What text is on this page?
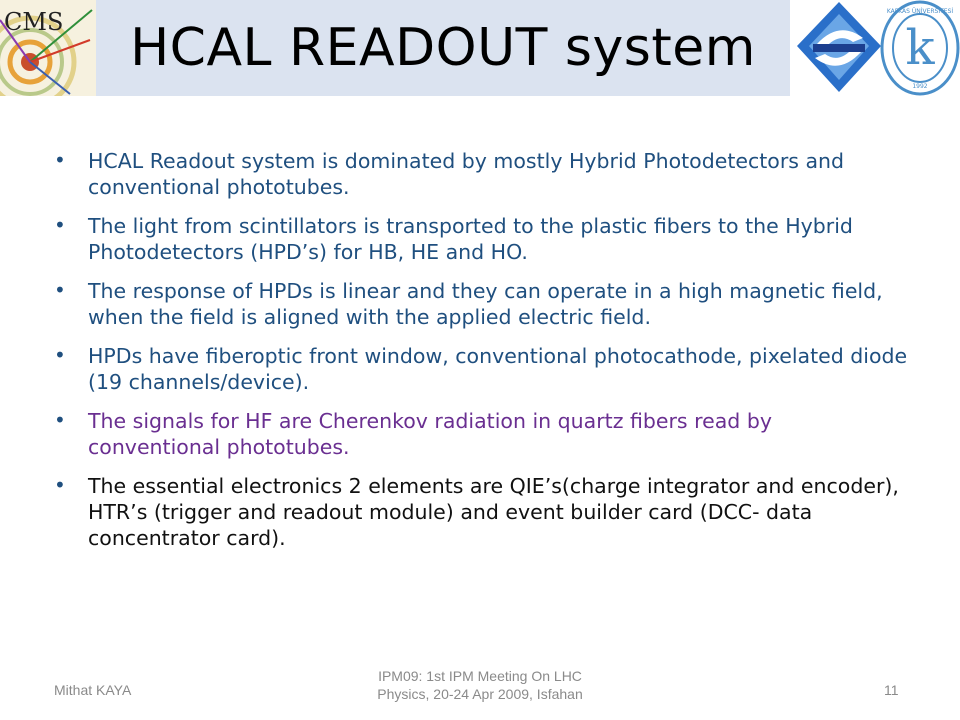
CMS	HCAL READOUT system
KAFKAS ÜNİVERSİTESİ
k
1992
• HCAL Readout system is dominated by mostly Hybrid Photodetectors and conventional phototubes.
• The light from scintillators is transported to the plastic fibers to the Hybrid Photodetectors (HPD’s) for HB, HE and HO.
• The response of HPDs is linear and they can operate in a high magnetic field, when the field is aligned with the applied electric field.
• HPDs have fiberoptic front window, conventional photocathode, pixelated diode (19 channels/device).
• The signals for HF are Cherenkov radiation in quartz fibers read by conventional phototubes.
• The essential electronics 2 elements are QIE’s(charge integrator and encoder), HTR’s (trigger and readout module) and event builder card (DCC- data concentrator card).
Mithat KAYA
IPM09: 1st IPM Meeting On LHC
Physics, 20-24 Apr 2009, Isfahan	11
